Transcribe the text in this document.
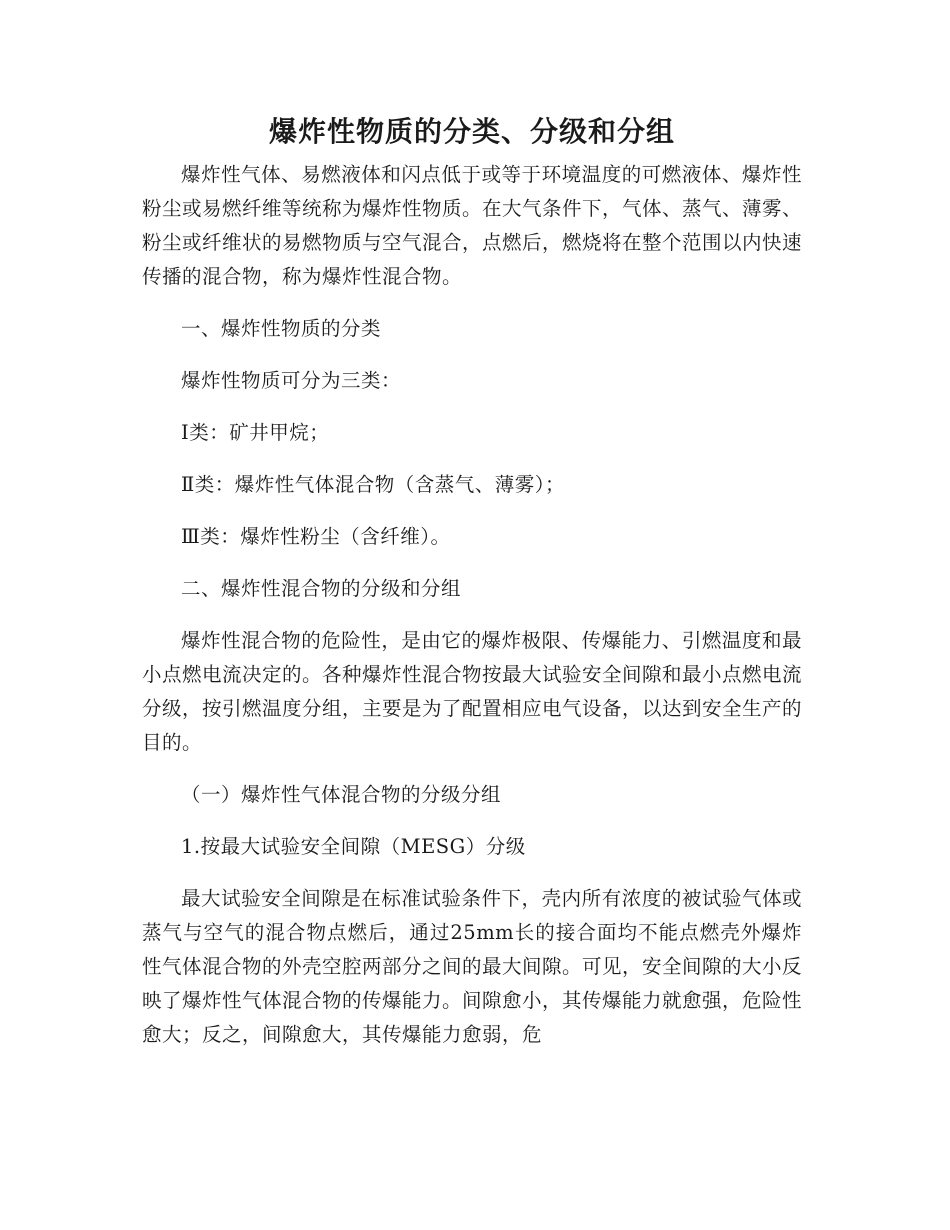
爆炸性物质的分类、分级和分组

爆炸性气体、易燃液体和闪点低于或等于环境温度的可燃液体、爆炸性粉尘或易燃纤维等统称为爆炸性物质。在大气条件下，气体、蒸气、薄雾、粉尘或纤维状的易燃物质与空气混合，点燃后，燃烧将在整个范围以内快速传播的混合物，称为爆炸性混合物。

一、爆炸性物质的分类

爆炸性物质可分为三类：

Ⅰ类：矿井甲烷；

Ⅱ类：爆炸性气体混合物（含蒸气、薄雾）；

Ⅲ类：爆炸性粉尘（含纤维）。

二、爆炸性混合物的分级和分组

爆炸性混合物的危险性，是由它的爆炸极限、传爆能力、引燃温度和最小点燃电流决定的。各种爆炸性混合物按最大试验安全间隙和最小点燃电流分级，按引燃温度分组，主要是为了配置相应电气设备，以达到安全生产的目的。

（一）爆炸性气体混合物的分级分组

1.按最大试验安全间隙（MESG）分级

最大试验安全间隙是在标准试验条件下，壳内所有浓度的被试验气体或蒸气与空气的混合物点燃后，通过25mm长的接合面均不能点燃壳外爆炸性气体混合物的外壳空腔两部分之间的最大间隙。可见，安全间隙的大小反映了爆炸性气体混合物的传爆能力。间隙愈小，其传爆能力就愈强，危险性愈大；反之，间隙愈大，其传爆能力愈弱，危
